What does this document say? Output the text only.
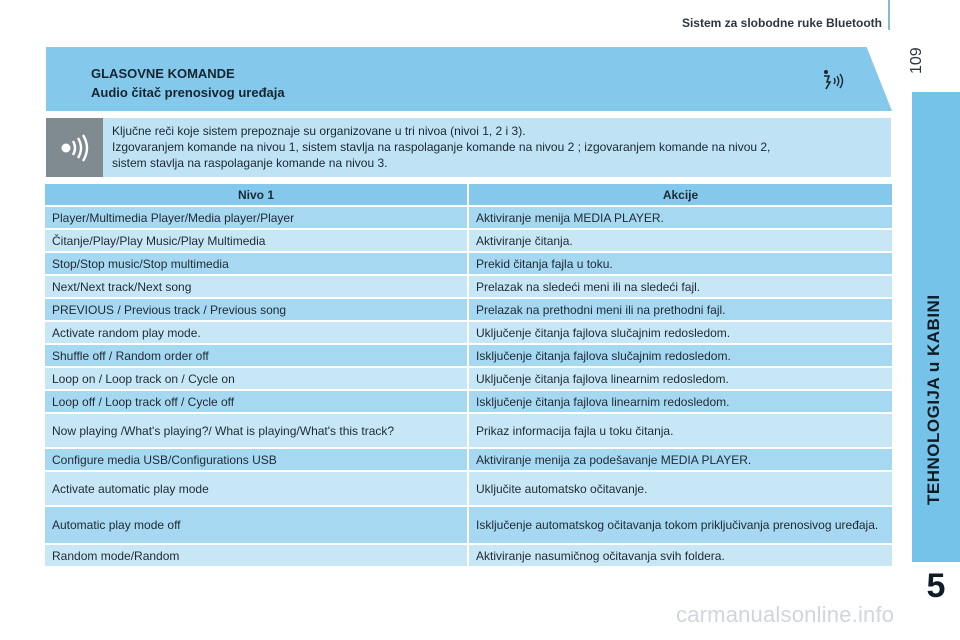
Sistem za slobodne ruke Bluetooth
109
TEHNOLOGIJA u KABINI
5
GLASOVNE KOMANDE
Audio čitač prenosivog uređaja
Ključne reči koje sistem prepoznaje su organizovane u tri nivoa (nivoi 1, 2 i 3).
Izgovaranjem komande na nivou 1, sistem stavlja na raspolaganje komande na nivou 2 ; izgovaranjem komande na nivou 2,
sistem stavlja na raspolaganje komande na nivou 3.
Nivo 1	Akcije
Player/Multimedia Player/Media player/Player	Aktiviranje menija MEDIA PLAYER.
Čitanje/Play/Play Music/Play Multimedia	Aktiviranje čitanja.
Stop/Stop music/Stop multimedia	Prekid čitanja fajla u toku.
Next/Next track/Next song	Prelazak na sledeći meni ili na sledeći fajl.
PREVIOUS / Previous track / Previous song	Prelazak na prethodni meni ili na prethodni fajl.
Activate random play mode.	Uključenje čitanja fajlova slučajnim redosledom.
Shuffle off / Random order off	Isključenje čitanja fajlova slučajnim redosledom.
Loop on / Loop track on / Cycle on	Uključenje čitanja fajlova linearnim redosledom.
Loop off / Loop track off / Cycle off	Isključenje čitanja fajlova linearnim redosledom.
Now playing /What's playing?/ What is playing/What's this track?	Prikaz informacija fajla u toku čitanja.
Configure media USB/Configurations USB	Aktiviranje menija za podešavanje MEDIA PLAYER.
Activate automatic play mode	Uključite automatsko očitavanje.
Automatic play mode off	Isključenje automatskog očitavanja tokom priključivanja prenosivog uređaja.
Random mode/Random	Aktiviranje nasumičnog očitavanja svih foldera.
carmanualsonline.info
